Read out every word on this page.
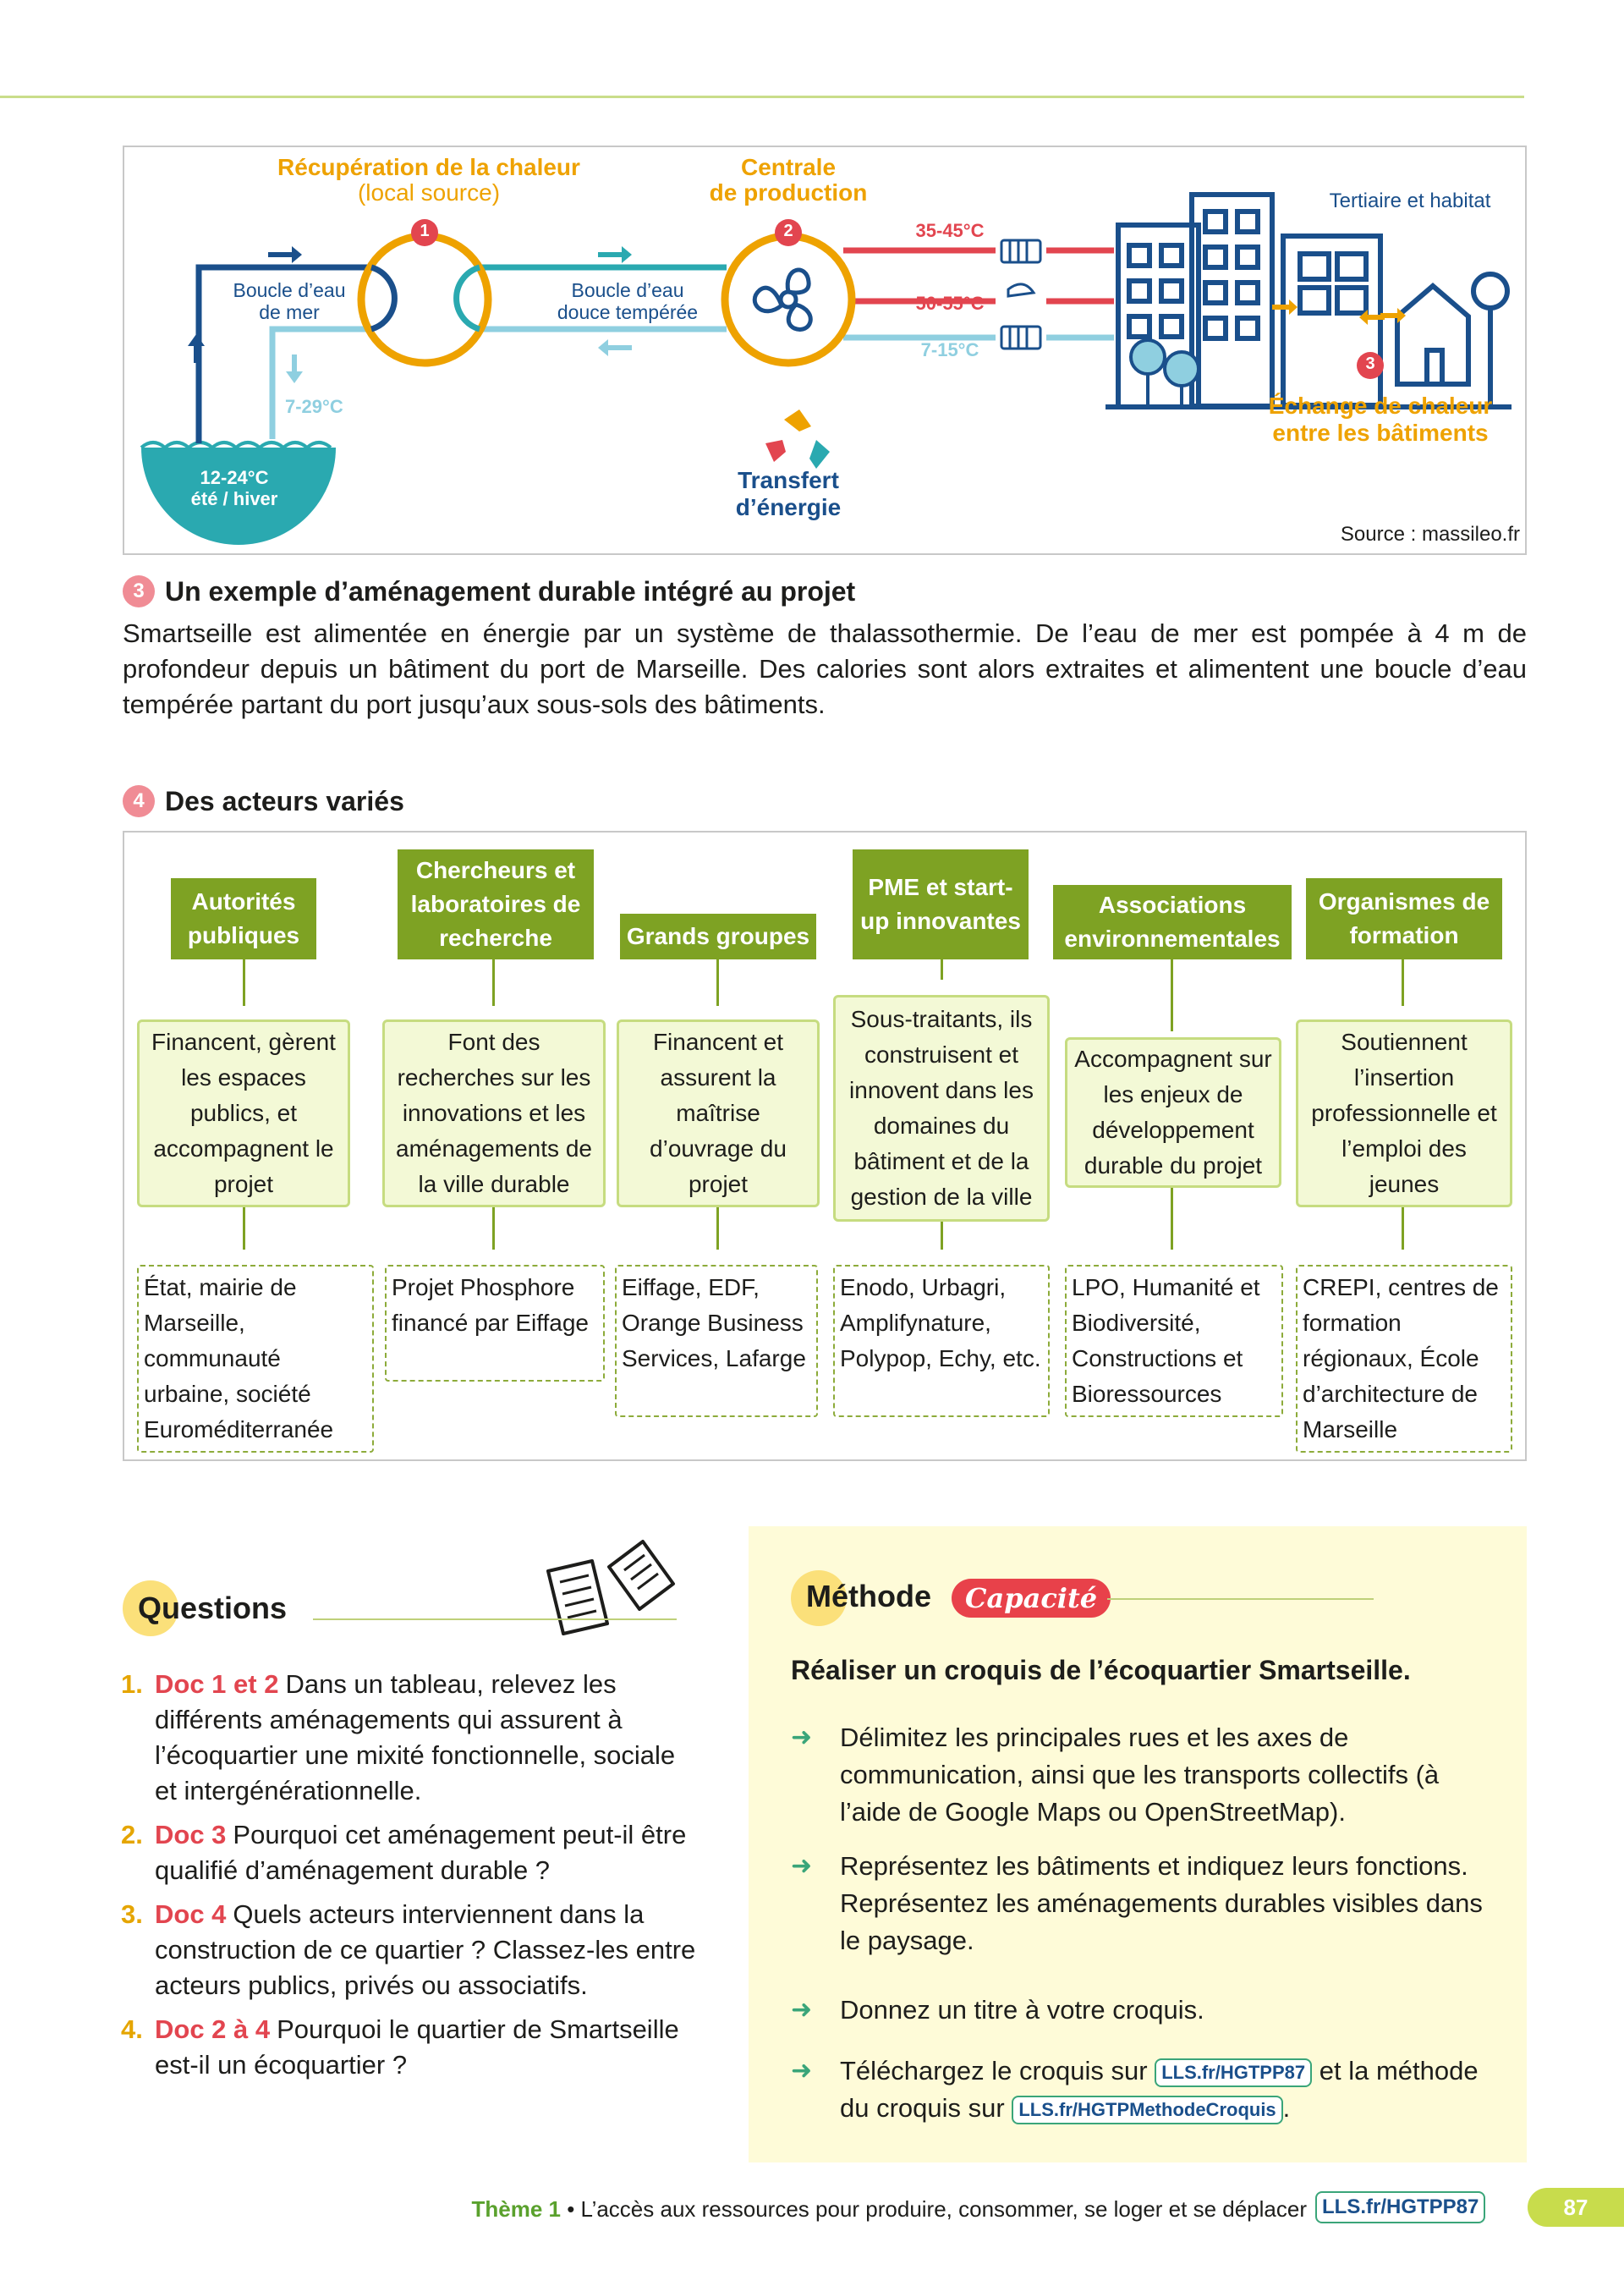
Récupération de la chaleur
(local source)
Centrale
de production	Tertiaire et habitat
Boucle d’eau
de mer
Boucle d’eau
douce tempérée
7-29°C
12-24°C
été / hiver
1	2
3
35-45°C
50-55°C
7-15°C
Transfert
d’énergie
Échange de chaleur
entre les bâtiments
Source : massileo.fr
3 Un exemple d’aménagement durable intégré au projet

Smartseille est alimentée en énergie par un système de thalassothermie. De l’eau de mer est pompée à 4 m de profondeur depuis un bâtiment du port de Marseille. Des calories sont alors extraites et alimentent une boucle d’eau tempérée partant du port jusqu’aux sous-sols des bâtiments.

4 Des acteurs variés
Autorités publiques
Financent, gèrent les espaces publics, et accompagnent le projet
État, mairie de Marseille, communauté urbaine, société Euroméditerranée
Chercheurs et laboratoires de recherche
Font des recherches sur les innovations et les aménagements de la ville durable
Projet Phosphore financé par Eiffage
Grands groupes
Financent et assurent la maîtrise d’ouvrage du projet
Eiffage, EDF, Orange Business Services, Lafarge
PME et start-up innovantes
Sous-traitants, ils construisent et innovent dans les domaines du bâtiment et de la gestion de la ville
Enodo, Urbagri, Amplifynature, Polypop, Echy, etc.
Associations environnementales
Accompagnent sur les enjeux de développement durable du projet
LPO, Humanité et Biodiversité, Constructions et Bioressources
Organismes de formation
Soutiennent l’insertion professionnelle et l’emploi des jeunes
CREPI, centres de formation régionaux, École d’architecture de Marseille
Questions
1. Doc 1 et 2 Dans un tableau, relevez les différents aménagements qui assurent à l’écoquartier une mixité fonctionnelle, sociale et intergénérationnelle.
2. Doc 3 Pourquoi cet aménagement peut-il être qualifié d’aménagement durable ?
3. Doc 4 Quels acteurs interviennent dans la construction de ce quartier ? Classez-les entre acteurs publics, privés ou associatifs.
4. Doc 2 à 4 Pourquoi le quartier de Smartseille est-il un écoquartier ?
Méthode	Capacité
Réaliser un croquis de l’écoquartier Smartseille.
➜	Délimitez les principales rues et les axes de communication, ainsi que les transports collectifs (à l’aide de Google Maps ou OpenStreetMap).
➜	Représentez les bâtiments et indiquez leurs fonctions. Représentez les aménagements durables visibles dans le paysage.
➜	Donnez un titre à votre croquis.
➜	Téléchargez le croquis sur LLS.fr/HGTPP87 et la méthode du croquis sur LLS.fr/HGTPMethodeCroquis .
Thème 1 • L’accès aux ressources pour produire, consommer, se loger et se déplacer LLS.fr/HGTPP87	87
